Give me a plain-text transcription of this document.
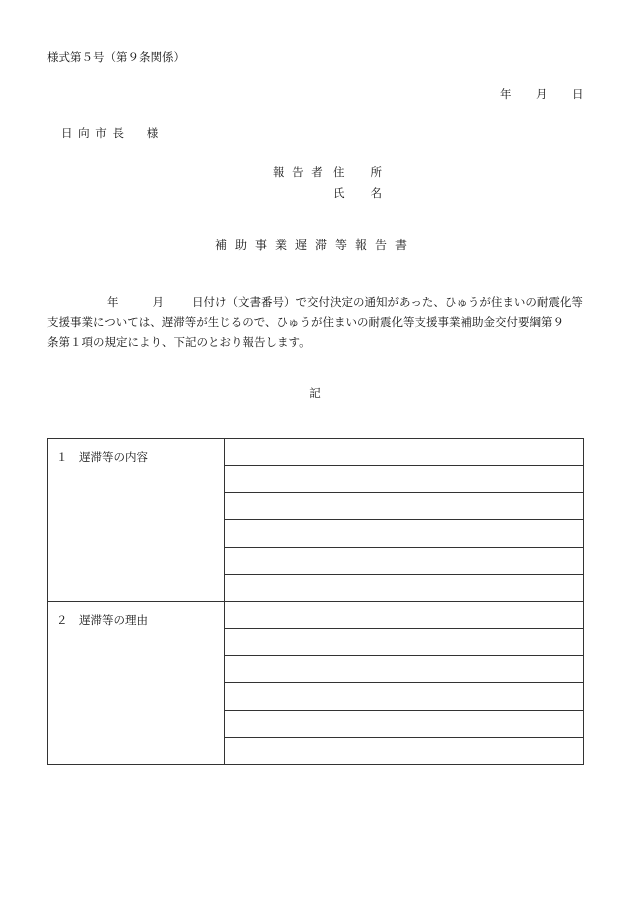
様式第５号（第９条関係）
年 月 日
日 向 市 長 　 様
報 告 者 住　　所
氏　　名
補助事業遅滞等報告書

年	月 日付け（文書番号）で交付決定の通知があった、ひゅうが住まいの耐震化等

支援事業については、遅滞等が生じるので、ひゅうが住まいの耐震化等支援事業補助金交付要綱第９

条第１項の規定により、下記のとおり報告します。

記
１　遅滞等の内容	

２　遅滞等の理由	
